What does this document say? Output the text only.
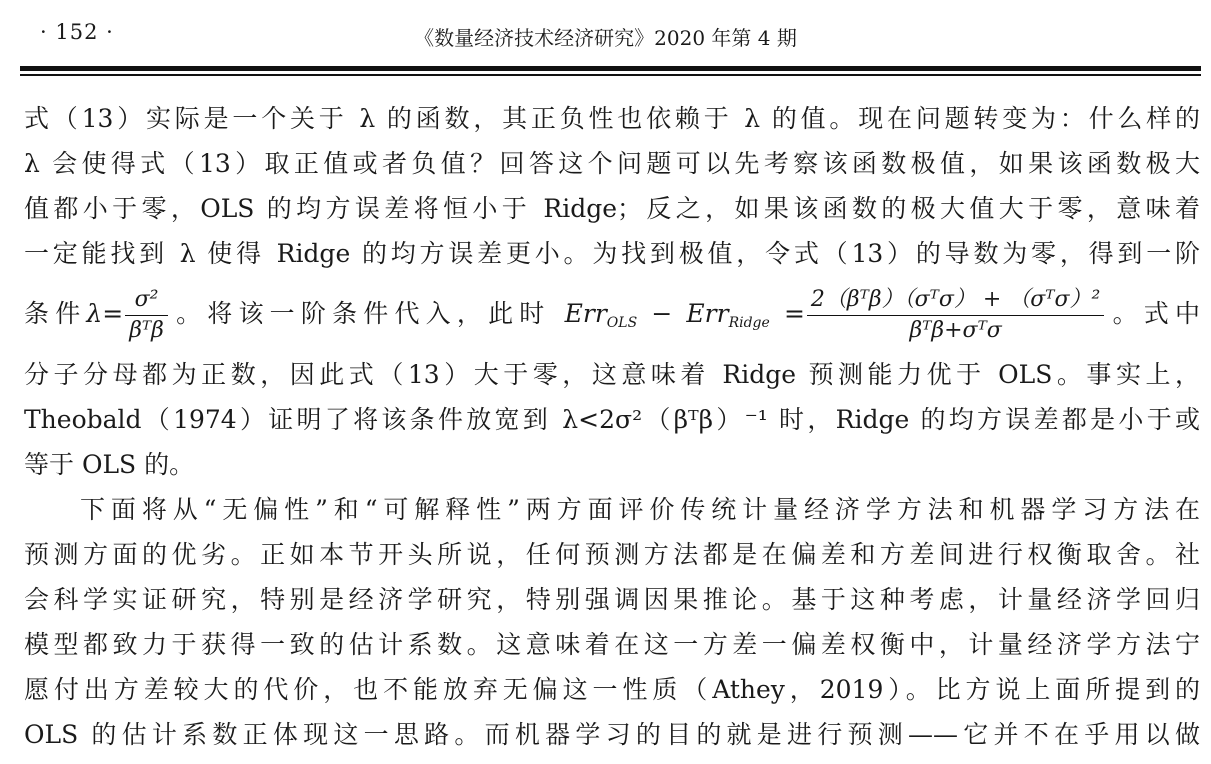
· 152 ·	《数量经济技术经济研究》2020 年第 4 期
式（13）实际是一个关于 λ 的函数，其正负性也依赖于 λ 的值。现在问题转变为：什么样的
λ 会使得式（13）取正值或者负值？回答这个问题可以先考察该函数极值，如果该函数极大
值都小于零，OLS 的均方误差将恒小于 Ridge；反之，如果该函数的极大值大于零，意味着
一定能找到 λ 使得 Ridge 的均方误差更小。为找到极值，令式（13）的导数为零，得到一阶
条件$\lambda= \frac{\text{σ²}}{\text{βᵀβ}}$ 。将该一阶条件代入，此时 $Err_{OLS} - Err_{Ridge} = \frac{\text{2（βᵀβ）（σᵀσ） + （σᵀσ）²}}{\text{βᵀβ+σᵀσ}}$ 。式中
分子分母都为正数，因此式（13）大于零，这意味着 Ridge 预测能力优于 OLS。事实上，
Theobald（1974）证明了将该条件放宽到 λ<2σ²（βᵀβ）⁻¹ 时，Ridge 的均方误差都是小于或
等于 OLS 的。
下面将从“无偏性”和“可解释性”两方面评价传统计量经济学方法和机器学习方法在
预测方面的优劣。正如本节开头所说，任何预测方法都是在偏差和方差间进行权衡取舍。社
会科学实证研究，特别是经济学研究，特别强调因果推论。基于这种考虑，计量经济学回归
模型都致力于获得一致的估计系数。这意味着在这一方差一偏差权衡中，计量经济学方法宁
愿付出方差较大的代价，也不能放弃无偏这一性质（Athey，2019）。比方说上面所提到的
OLS 的估计系数正体现这一思路。而机器学习的目的就是进行预测——它并不在乎用以做
